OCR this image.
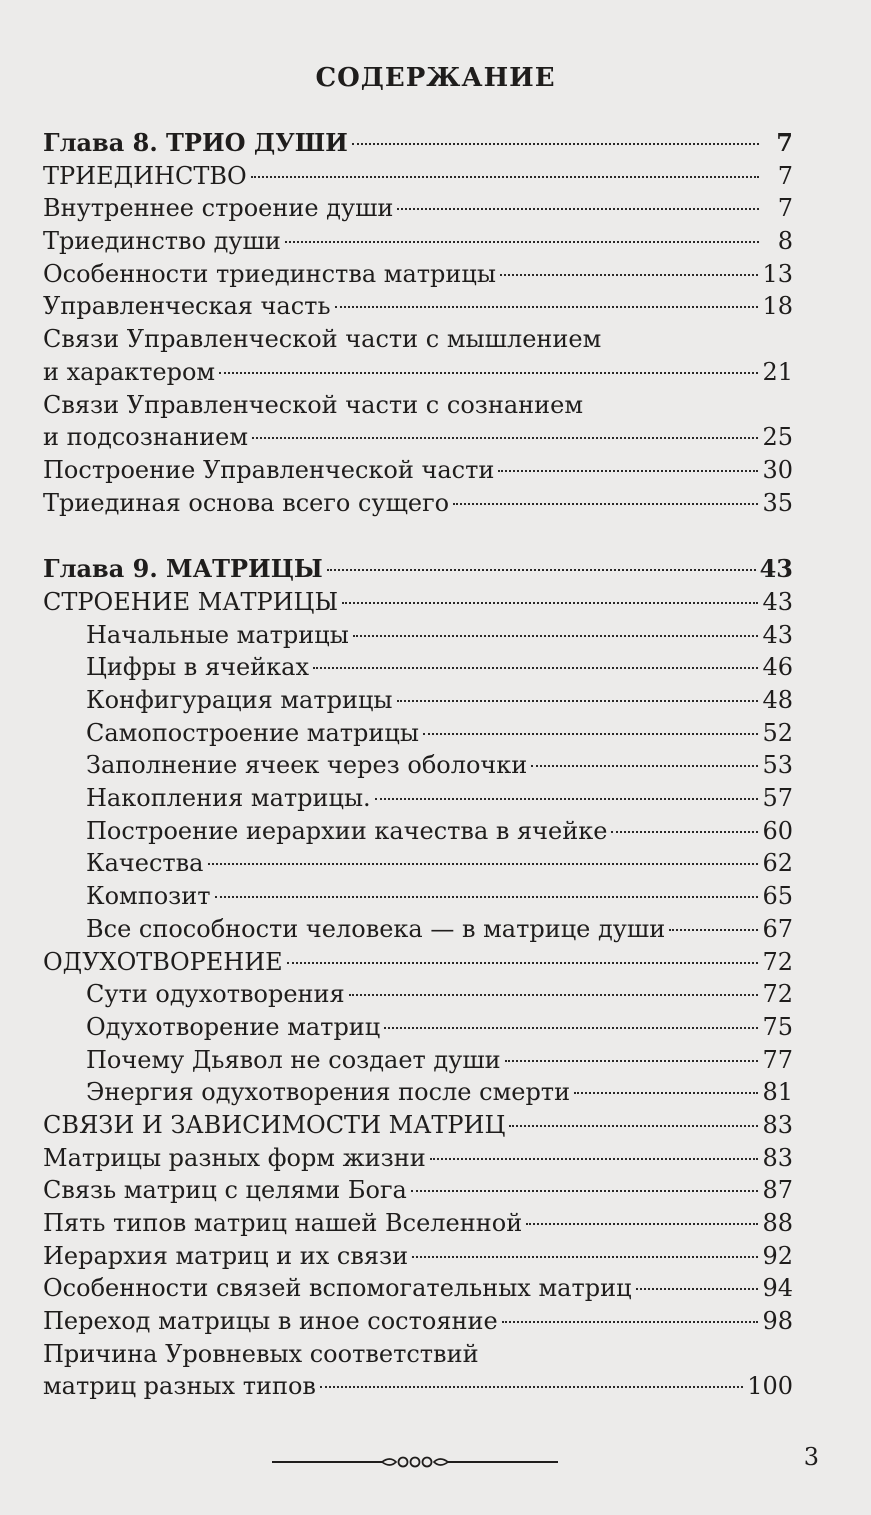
СОДЕРЖАНИЕ
Глава 8. ТРИО ДУШИ	7
ТРИЕДИНСТВО	7
Внутреннее строение души	7
Триединство души	8
Особенности триединства матрицы	13
Управленческая часть	18
Связи Управленческой части с мышлением
и характером	21
Связи Управленческой части с сознанием
и подсознанием	25
Построение Управленческой части	30
Триединая основа всего сущего	35
Глава 9. МАТРИЦЫ	43
СТРОЕНИЕ МАТРИЦЫ	43
Начальные матрицы	43
Цифры в ячейках	46
Конфигурация матрицы	48
Самопостроение матрицы	52
Заполнение ячеек через оболочки	53
Накопления матрицы.	57
Построение иерархии качества в ячейке	60
Качества	62
Композит	65
Все способности человека — в матрице души	67
ОДУХОТВОРЕНИЕ	72
Сути одухотворения	72
Одухотворение матриц	75
Почему Дьявол не создает души	77
Энергия одухотворения после смерти	81
СВЯЗИ И ЗАВИСИМОСТИ МАТРИЦ	83
Матрицы разных форм жизни	83
Связь матриц с целями Бога	87
Пять типов матриц нашей Вселенной	88
Иерархия матриц и их связи	92
Особенности связей вспомогательных матриц	94
Переход матрицы в иное состояние	98
Причина Уровневых соответствий
матриц разных типов	100
3
